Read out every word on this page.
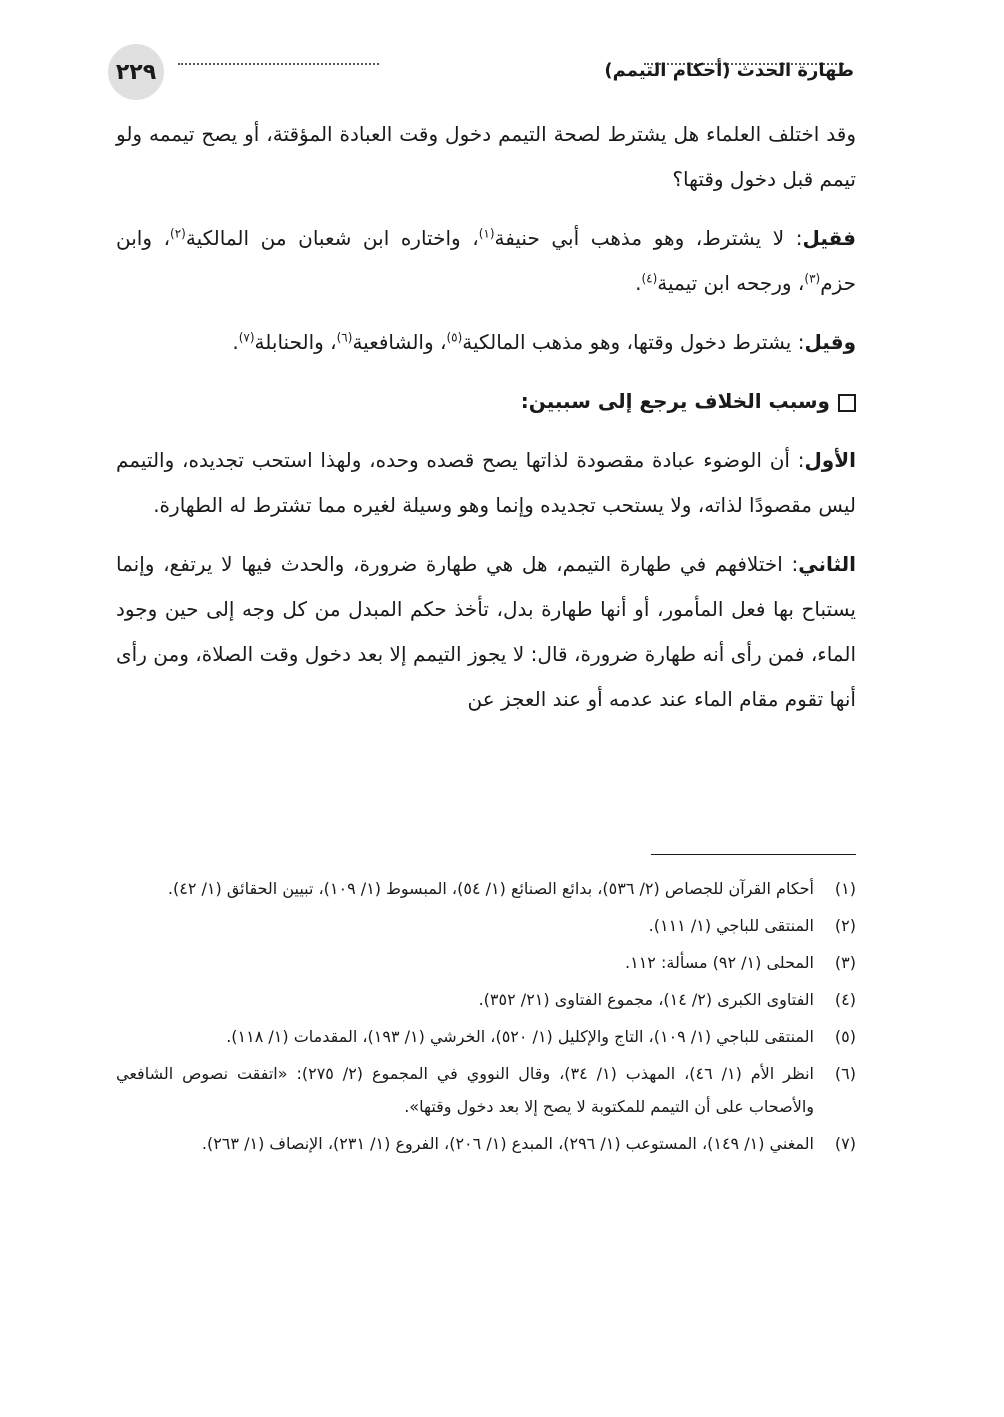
٢٢٩	طهارة الحدث (أحكام التيمم)

وقد اختلف العلماء هل يشترط لصحة التيمم دخول وقت العبادة المؤقتة، أو يصح تيممه ولو تيمم قبل دخول وقتها؟

فقيل: لا يشترط، وهو مذهب أبي حنيفة$^{(١)}$، واختاره ابن شعبان من المالكية$^{(٢)}$، وابن حزم$^{(٣)}$، ورجحه ابن تيمية$^{(٤)}$.

وقيل: يشترط دخول وقتها، وهو مذهب المالكية$^{(٥)}$، والشافعية$^{(٦)}$، والحنابلة$^{(٧)}$.

وسبب الخلاف يرجع إلى سببين:

الأول: أن الوضوء عبادة مقصودة لذاتها يصح قصده وحده، ولهذا استحب تجديده، والتيمم ليس مقصودًا لذاته، ولا يستحب تجديده وإنما وهو وسيلة لغيره مما تشترط له الطهارة.

الثاني: اختلافهم في طهارة التيمم، هل هي طهارة ضرورة، والحدث فيها لا يرتفع، وإنما يستباح بها فعل المأمور، أو أنها طهارة بدل، تأخذ حكم المبدل من كل وجه إلى حين وجود الماء، فمن رأى أنه طهارة ضرورة، قال: لا يجوز التيمم إلا بعد دخول وقت الصلاة، ومن رأى أنها تقوم مقام الماء عند عدمه أو عند العجز عن

(١)
أحكام القرآن للجصاص (٢/ ٥٣٦)، بدائع الصنائع (١/ ٥٤)، المبسوط (١/ ١٠٩)، تبيين الحقائق (١/ ٤٢).
(٢)
المنتقى للباجي (١/ ١١١).
(٣)
المحلى (١/ ٩٢) مسألة: ١١٢.
(٤)
الفتاوى الكبرى (٢/ ١٤)، مجموع الفتاوى (٢١/ ٣٥٢).
(٥)
المنتقى للباجي (١/ ١٠٩)، التاج والإكليل (١/ ٥٢٠)، الخرشي (١/ ١٩٣)، المقدمات (١/ ١١٨).
(٦)
انظر الأم (١/ ٤٦)، المهذب (١/ ٣٤)، وقال النووي في المجموع (٢/ ٢٧٥): «اتفقت نصوص الشافعي والأصحاب على أن التيمم للمكتوبة لا يصح إلا بعد دخول وقتها».
(٧)
المغني (١/ ١٤٩)، المستوعب (١/ ٢٩٦)، المبدع (١/ ٢٠٦)، الفروع (١/ ٢٣١)، الإنصاف (١/ ٢٦٣).
